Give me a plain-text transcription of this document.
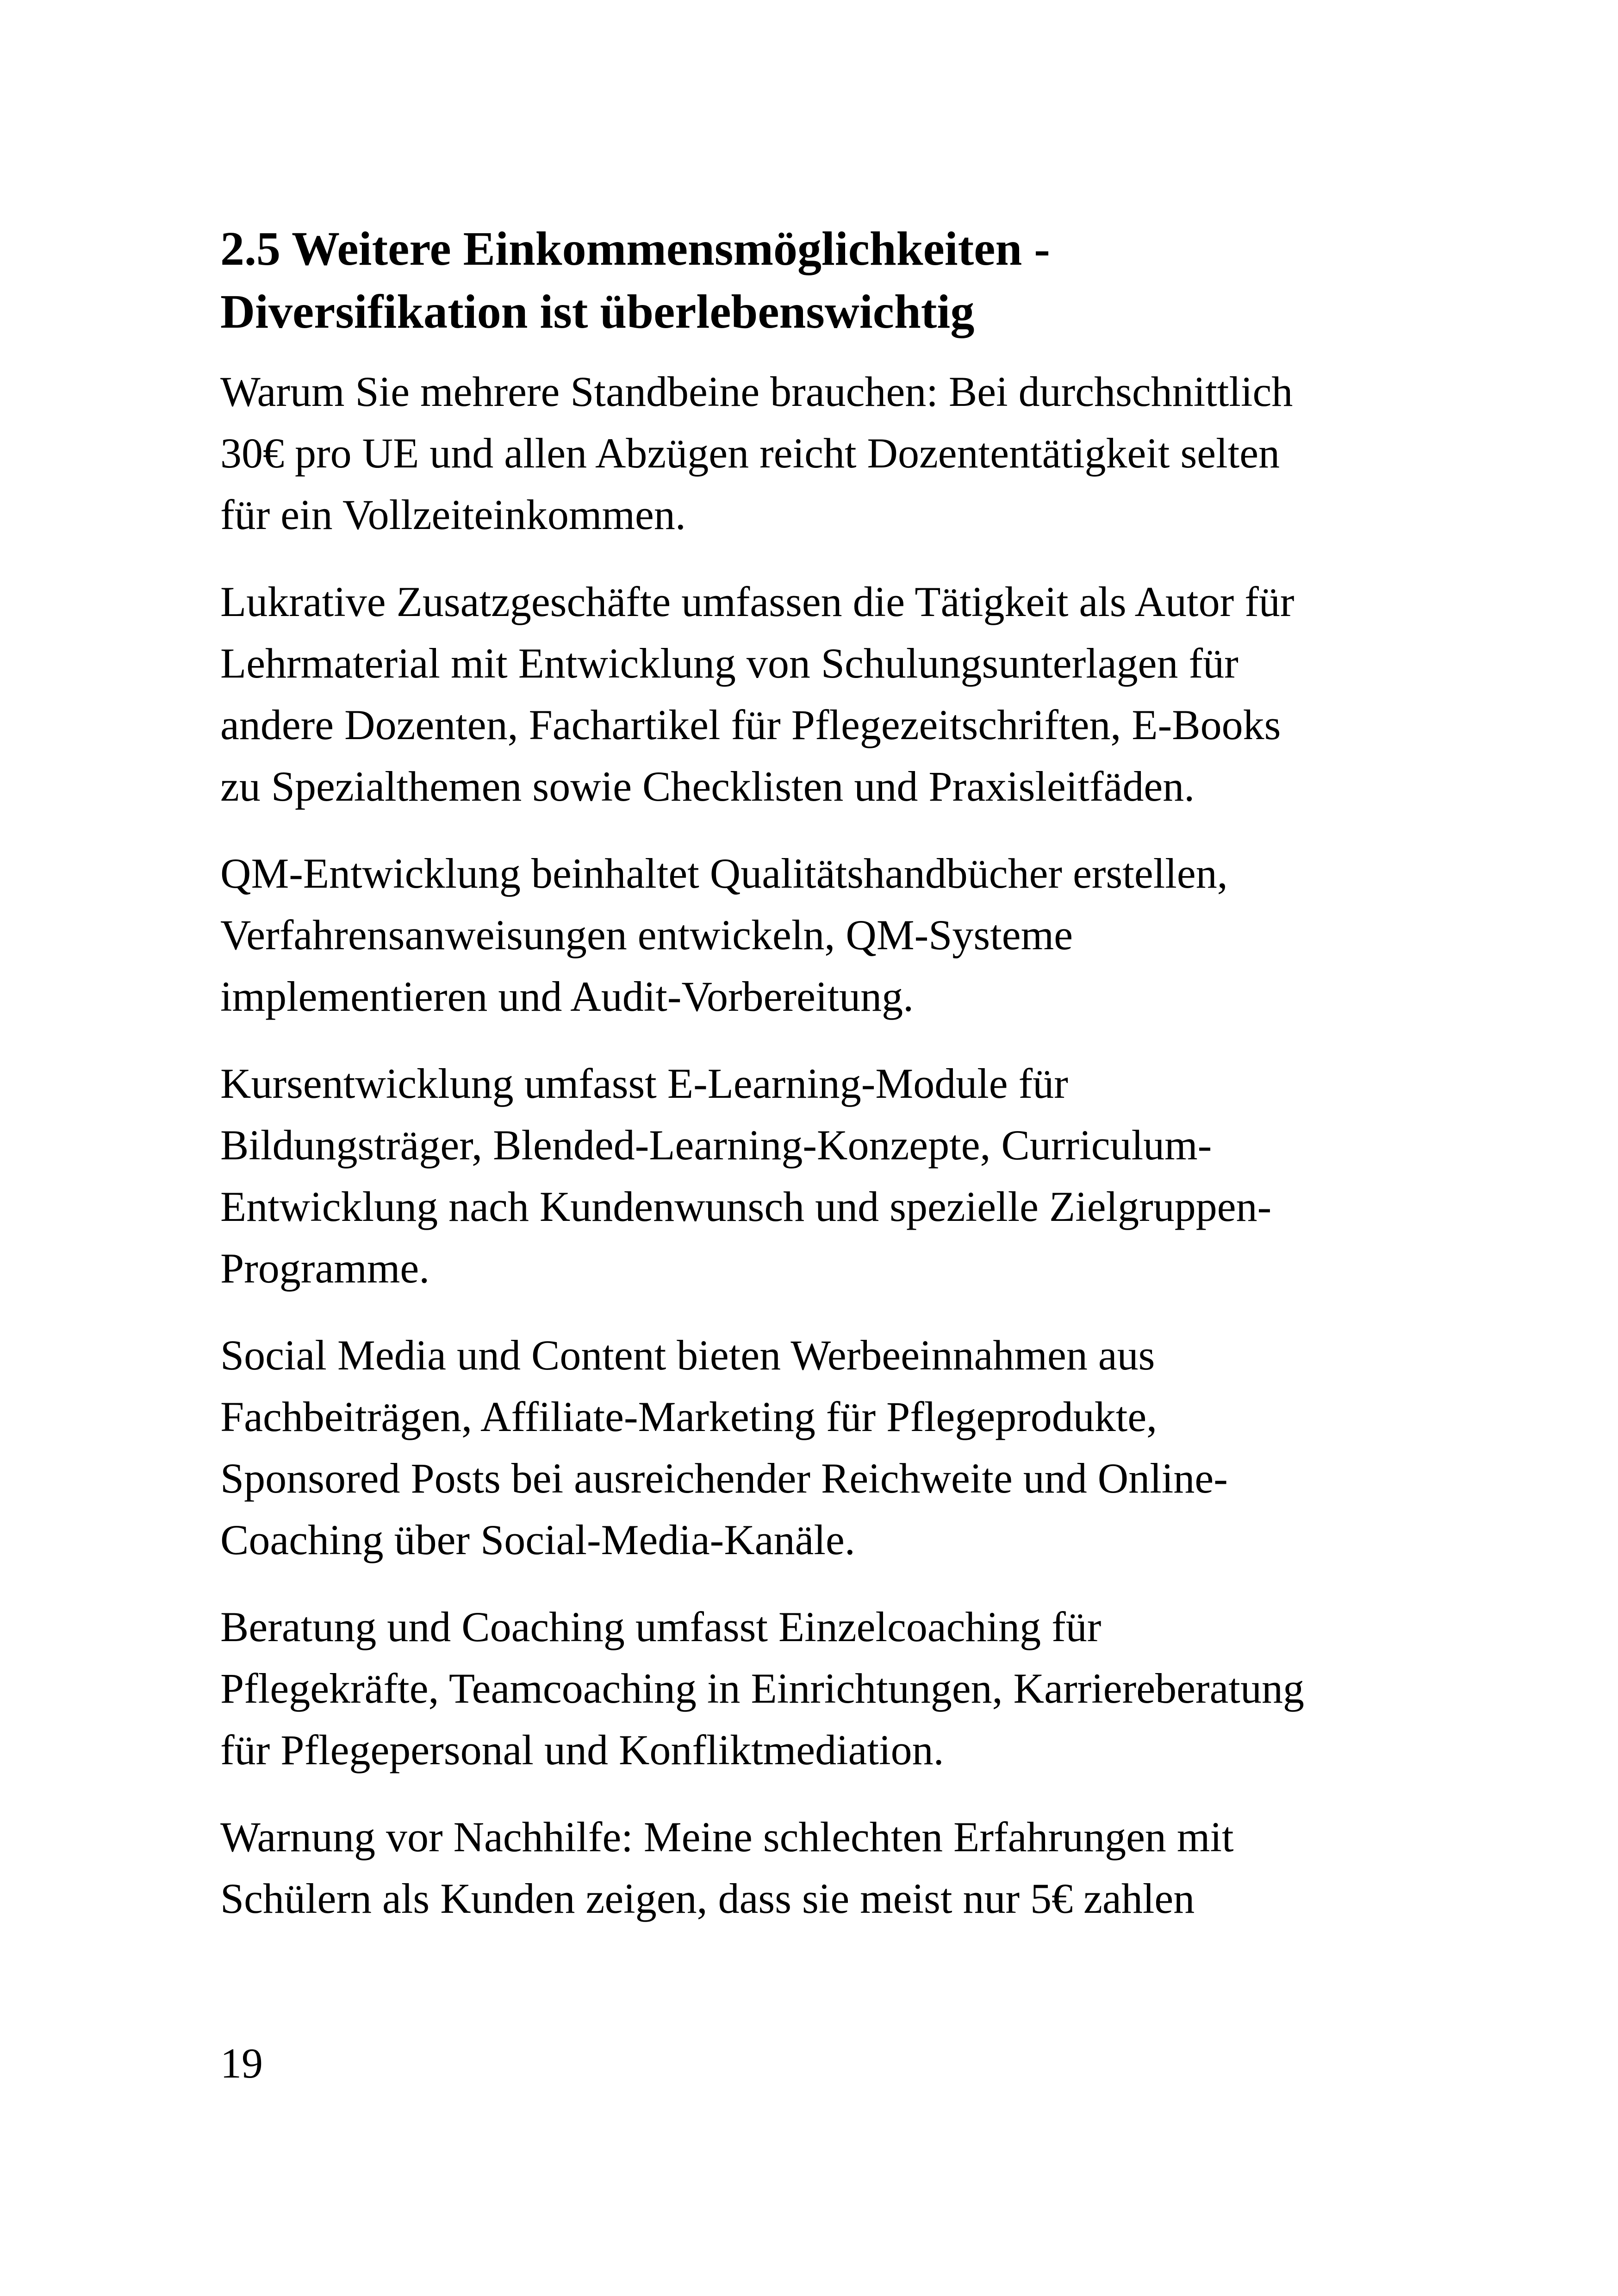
2.5 Weitere Einkommensmöglichkeiten -
Diversifikation ist überlebenswichtig

Warum Sie mehrere Standbeine brauchen: Bei durchschnittlich
30€ pro UE und allen Abzügen reicht Dozententätigkeit selten
für ein Vollzeiteinkommen.

Lukrative Zusatzgeschäfte umfassen die Tätigkeit als Autor für
Lehrmaterial mit Entwicklung von Schulungsunterlagen für
andere Dozenten, Fachartikel für Pflegezeitschriften, E-Books
zu Spezialthemen sowie Checklisten und Praxisleitfäden.

QM-Entwicklung beinhaltet Qualitätshandbücher erstellen,
Verfahrensanweisungen entwickeln, QM-Systeme
implementieren und Audit-Vorbereitung.

Kursentwicklung umfasst E-Learning-Module für
Bildungsträger, Blended-Learning-Konzepte, Curriculum-
Entwicklung nach Kundenwunsch und spezielle Zielgruppen-
Programme.

Social Media und Content bieten Werbeeinnahmen aus
Fachbeiträgen, Affiliate-Marketing für Pflegeprodukte,
Sponsored Posts bei ausreichender Reichweite und Online-
Coaching über Social-Media-Kanäle.

Beratung und Coaching umfasst Einzelcoaching für
Pflegekräfte, Teamcoaching in Einrichtungen, Karriereberatung
für Pflegepersonal und Konfliktmediation.

Warnung vor Nachhilfe: Meine schlechten Erfahrungen mit
Schülern als Kunden zeigen, dass sie meist nur 5€ zahlen

19
